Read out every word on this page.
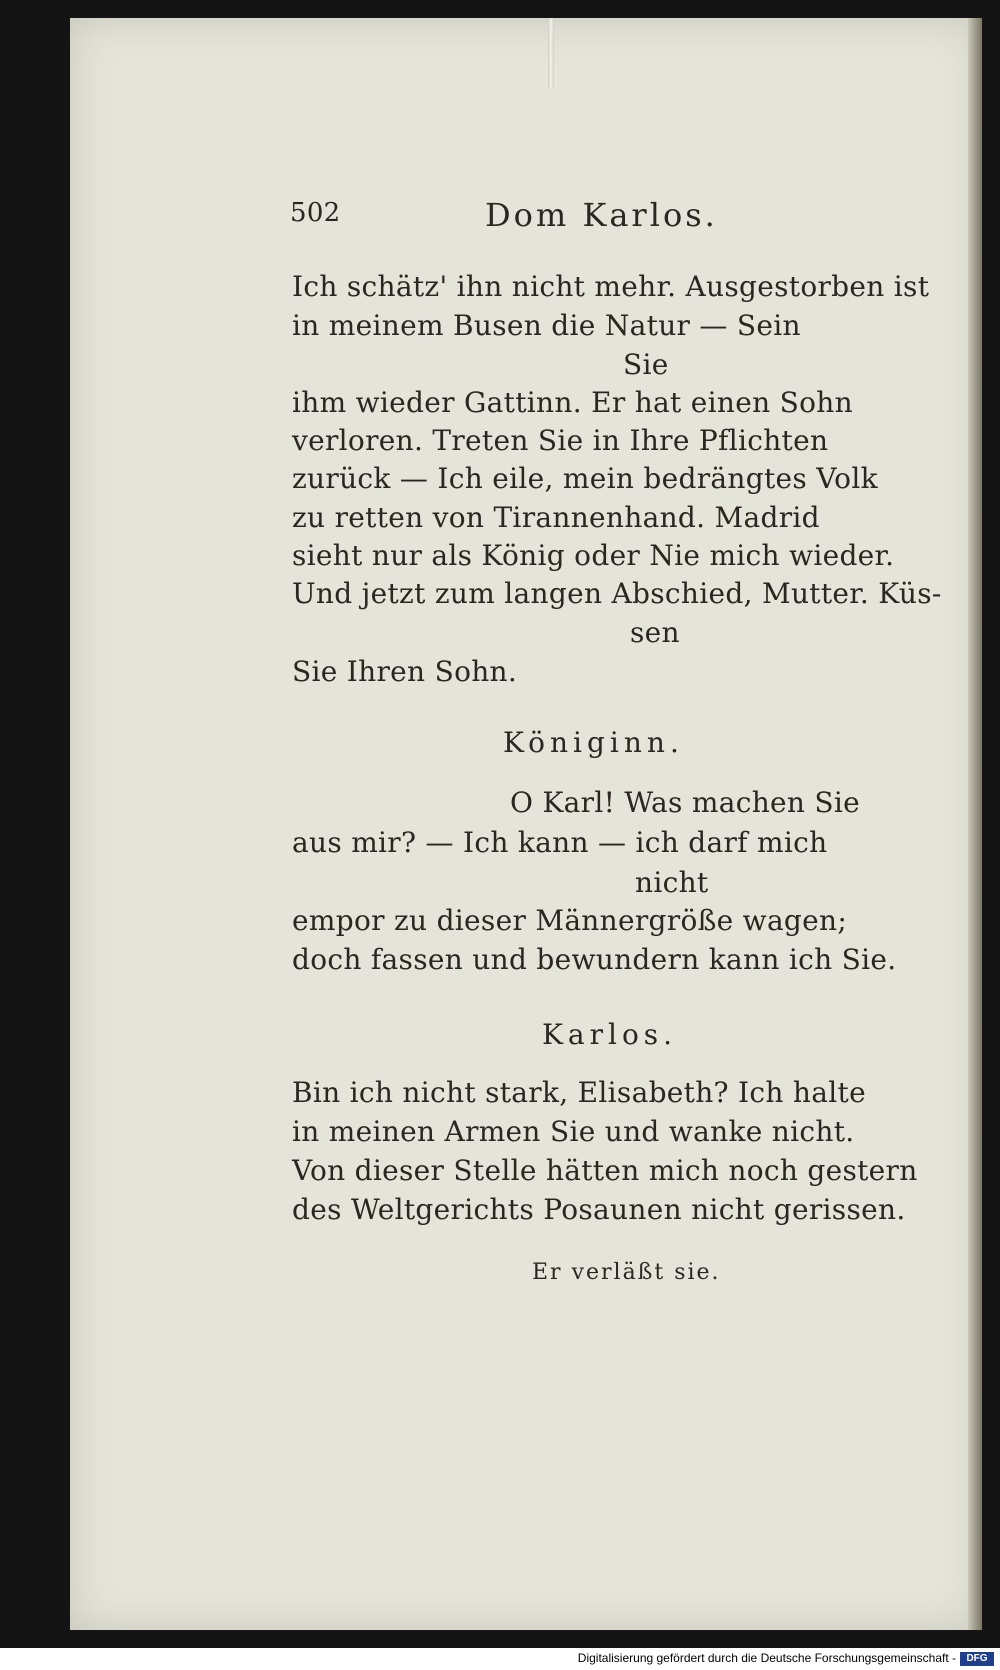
502	Dom Karlos.
Ich schätz' ihn nicht mehr. Ausgestorben ist
in meinem Busen die Natur — Sein
Sie
ihm wieder Gattinn. Er hat einen Sohn
verloren. Treten Sie in Ihre Pflichten
zurück — Ich eile, mein bedrängtes Volk
zu retten von Tirannenhand. Madrid
sieht nur als König oder Nie mich wieder.
Und jetzt zum langen Abschied, Mutter. Küs-
sen
Sie Ihren Sohn.
Königinn.
O Karl! Was machen Sie
aus mir? — Ich kann — ich darf mich
nicht
empor zu dieser Männergröße wagen;
doch fassen und bewundern kann ich Sie.
Karlos.
Bin ich nicht stark, Elisabeth? Ich halte
in meinen Armen Sie und wanke nicht.
Von dieser Stelle hätten mich noch gestern
des Weltgerichts Posaunen nicht gerissen.
Er verläßt sie.
Digitalisierung gefördert durch die Deutsche Forschungsgemeinschaft -	DFG
